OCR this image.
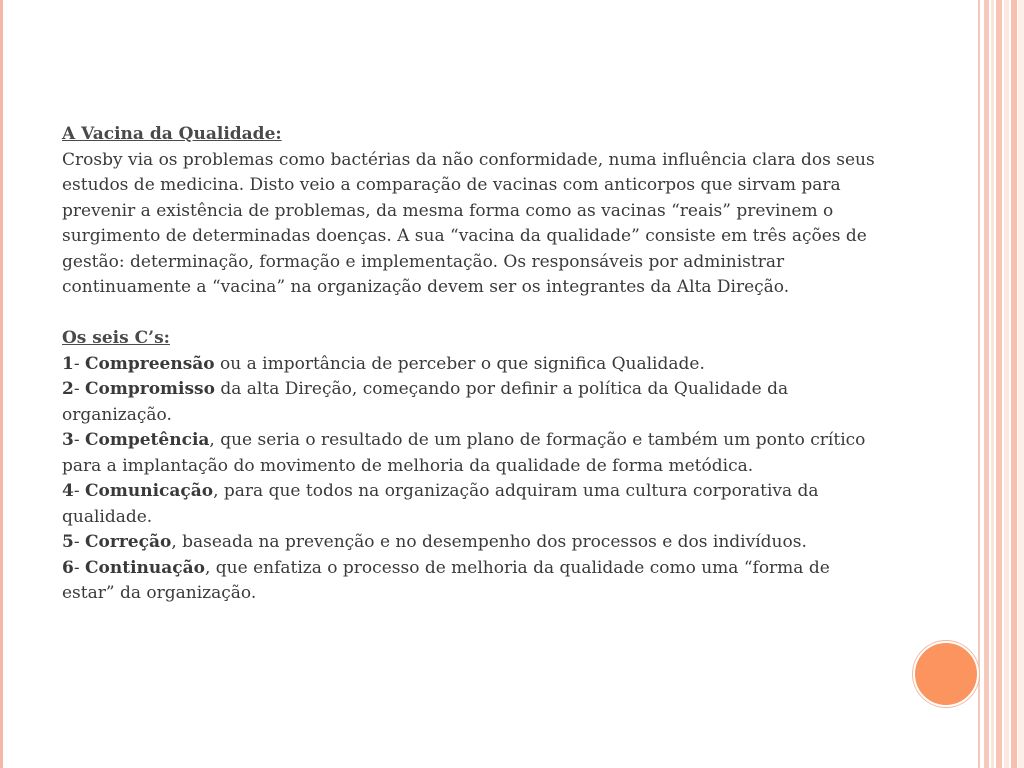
A Vacina da Qualidade:

Crosby via os problemas como bactérias da não conformidade, numa influência clara dos seus estudos de medicina. Disto veio a comparação de vacinas com anticorpos que sirvam para prevenir a existência de problemas, da mesma forma como as vacinas “reais” previnem o surgimento de determinadas doenças. A sua “vacina da qualidade” consiste em três ações de gestão: determinação, formação e implementação. Os responsáveis por administrar continuamente a “vacina” na organização devem ser os integrantes da Alta Direção.

Os seis C’s:

1- Compreensão ou a importância de perceber o que significa Qualidade.

2- Compromisso da alta Direção, começando por definir a política da Qualidade da organização.

3- Competência, que seria o resultado de um plano de formação e também um ponto crítico para a implantação do movimento de melhoria da qualidade de forma metódica.

4- Comunicação, para que todos na organização adquiram uma cultura corporativa da qualidade.

5- Correção, baseada na prevenção e no desempenho dos processos e dos indivíduos.

6- Continuação, que enfatiza o processo de melhoria da qualidade como uma “forma de estar” da organização.
